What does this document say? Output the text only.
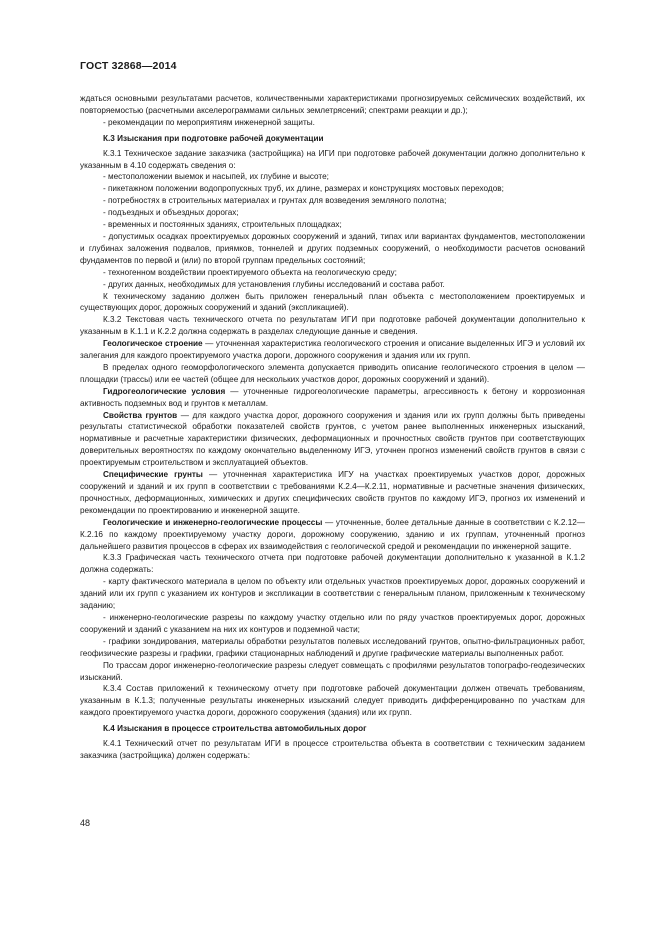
ГОСТ 32868—2014

ждаться основными результатами расчетов, количественными характеристиками прогнозируемых сейсмических воздействий, их повторяемостью (расчетными акселерограммами сильных землетрясений; спектрами реакции и др.);

- рекомендации по мероприятиям инженерной защиты.

К.3 Изыскания при подготовке рабочей документации

К.3.1 Техническое задание заказчика (застройщика) на ИГИ при подготовке рабочей документации должно дополнительно к указанным в 4.10 содержать сведения о:

- местоположении выемок и насыпей, их глубине и высоте;

- пикетажном положении водопропускных труб, их длине, размерах и конструкциях мостовых переходов;

- потребностях в строительных материалах и грунтах для возведения земляного полотна;

- подъездных и объездных дорогах;

- временных и постоянных зданиях, строительных площадках;

- допустимых осадках проектируемых дорожных сооружений и зданий, типах или вариантах фундаментов, местоположении и глубинах заложения подвалов, приямков, тоннелей и других подземных сооружений, о необходимости расчетов оснований фундаментов по первой и (или) по второй группам предельных состояний;

- техногенном воздействии проектируемого объекта на геологическую среду;

- других данных, необходимых для установления глубины исследований и состава работ.

К техническому заданию должен быть приложен генеральный план объекта с местоположением проектируемых и существующих дорог, дорожных сооружений и зданий (экспликацией).

К.3.2 Текстовая часть технического отчета по результатам ИГИ при подготовке рабочей документации дополнительно к указанным в К.1.1 и К.2.2 должна содержать в разделах следующие данные и сведения.

Геологическое строение — уточненная характеристика геологического строения и описание выделенных ИГЭ и условий их залегания для каждого проектируемого участка дороги, дорожного сооружения и здания или их групп.

В пределах одного геоморфологического элемента допускается приводить описание геологического строения в целом — площадки (трассы) или ее частей (общее для нескольких участков дорог, дорожных сооружений и зданий).

Гидрогеологические условия — уточненные гидрогеологические параметры, агрессивность к бетону и коррозионная активность подземных вод и грунтов к металлам.

Свойства грунтов — для каждого участка дорог, дорожного сооружения и здания или их групп должны быть приведены результаты статистической обработки показателей свойств грунтов, с учетом ранее выполненных инженерных изысканий, нормативные и расчетные характеристики физических, деформационных и прочностных свойств грунтов при соответствующих доверительных вероятностях по каждому окончательно выделенному ИГЭ, уточнен прогноз изменений свойств грунтов в связи с проектируемым строительством и эксплуатацией объектов.

Специфические грунты — уточненная характеристика ИГУ на участках проектируемых участков дорог, дорожных сооружений и зданий и их групп в соответствии с требованиями К.2.4—К.2.11, нормативные и расчетные значения физических, прочностных, деформационных, химических и других специфических свойств грунтов по каждому ИГЭ, прогноз их изменений и рекомендации по проектированию и инженерной защите.

Геологические и инженерно-геологические процессы — уточненные, более детальные данные в соответствии с К.2.12—К.2.16 по каждому проектируемому участку дороги, дорожному сооружению, зданию и их группам, уточненный прогноз дальнейшего развития процессов в сферах их взаимодействия с геологической средой и рекомендации по инженерной защите.

К.3.3 Графическая часть технического отчета при подготовке рабочей документации дополнительно к указанной в К.1.2 должна содержать:

- карту фактического материала в целом по объекту или отдельных участков проектируемых дорог, дорожных сооружений и зданий или их групп с указанием их контуров и экспликации в соответствии с генеральным планом, приложенным к техническому заданию;

- инженерно-геологические разрезы по каждому участку отдельно или по ряду участков проектируемых дорог, дорожных сооружений и зданий с указанием на них их контуров и подземной части;

- графики зондирования, материалы обработки результатов полевых исследований грунтов, опытно-фильтрационных работ, геофизические разрезы и графики, графики стационарных наблюдений и другие графические материалы выполненных работ.

По трассам дорог инженерно-геологические разрезы следует совмещать с профилями результатов топографо-геодезических изысканий.

К.3.4 Состав приложений к техническому отчету при подготовке рабочей документации должен отвечать требованиям, указанным в К.1.3; полученные результаты инженерных изысканий следует приводить дифференцированно по участкам для каждого проектируемого участка дороги, дорожного сооружения (здания) или их групп.

К.4 Изыскания в процессе строительства автомобильных дорог

К.4.1 Технический отчет по результатам ИГИ в процессе строительства объекта в соответствии с техническим заданием заказчика (застройщика) должен содержать:

48
